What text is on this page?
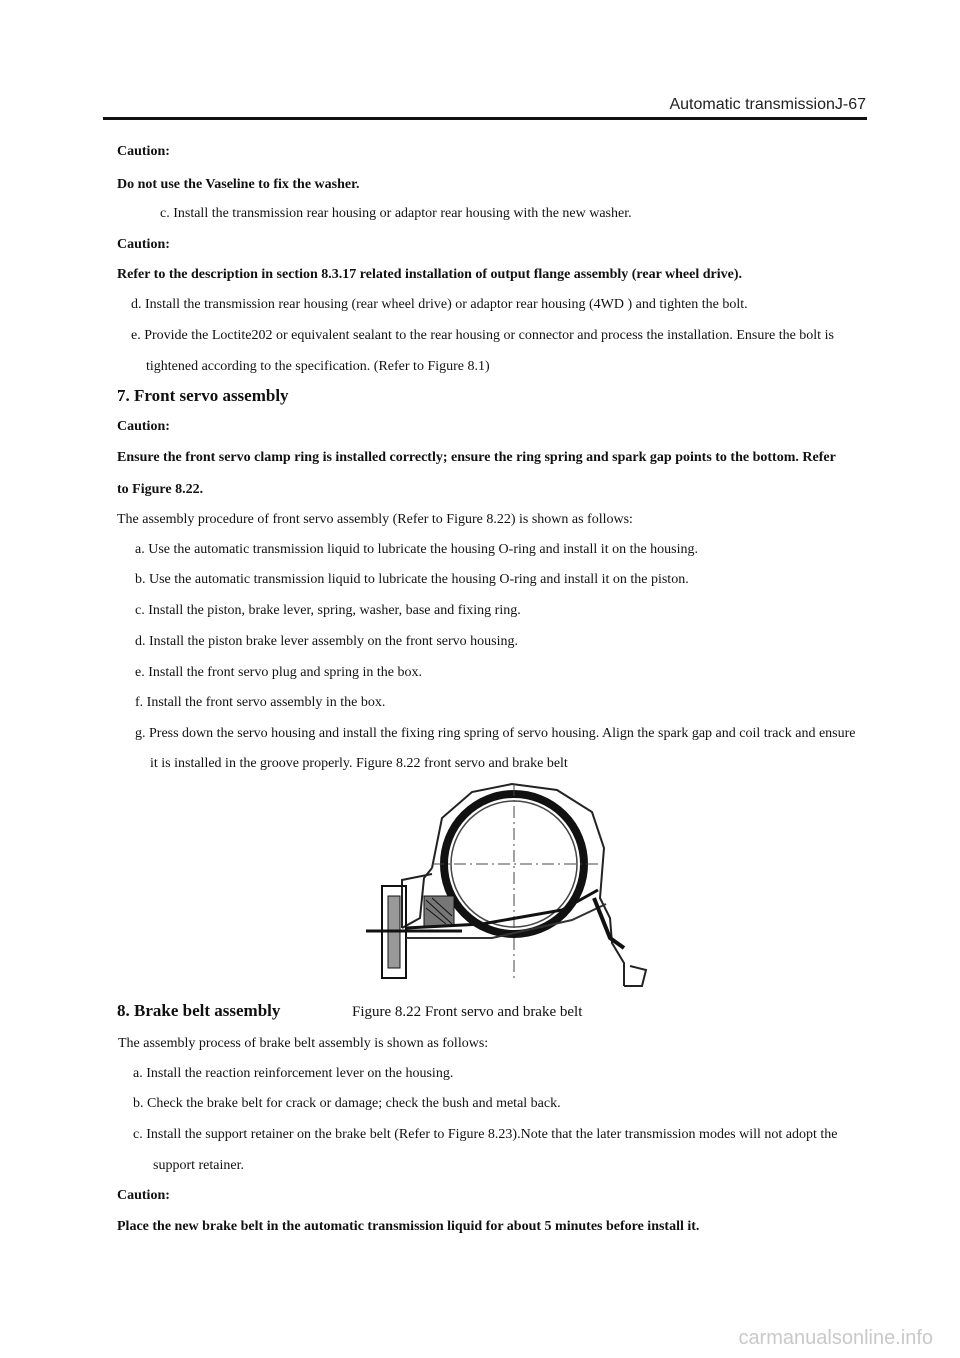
Automatic transmissionJ-67
Caution:
Do not use the Vaseline to fix the washer.
c. Install the transmission rear housing or adaptor rear housing with the new washer.
Caution:
Refer to the description in section 8.3.17 related installation of output flange assembly (rear wheel drive).
d. Install the transmission rear housing (rear wheel drive) or adaptor rear housing (4WD ) and tighten the bolt.
e. Provide the Loctite202 or equivalent sealant to the rear housing or connector and process the installation. Ensure the bolt is
tightened according to the specification. (Refer to Figure 8.1)
7. Front servo assembly
Caution:
Ensure the front servo clamp ring is installed correctly; ensure the ring spring and spark gap points to the bottom. Refer
to Figure 8.22.
The assembly procedure of front servo assembly (Refer to Figure 8.22) is shown as follows:
a. Use the automatic transmission liquid to lubricate the housing O-ring and install it on the housing.
b. Use the automatic transmission liquid to lubricate the housing O-ring and install it on the piston.
c. Install the piston, brake lever, spring, washer, base and fixing ring.
d. Install the piston brake lever assembly on the front servo housing.
e. Install the front servo plug and spring in the box.
f. Install the front servo assembly in the box.
g. Press down the servo housing and install the fixing ring spring of servo housing. Align the spark gap and coil track and ensure
it is installed in the groove properly. Figure 8.22 front servo and brake belt
8. Brake belt assembly	Figure 8.22 Front servo and brake belt
The assembly process of brake belt assembly is shown as follows:
a. Install the reaction reinforcement lever on the housing.
b. Check the brake belt for crack or damage; check the bush and metal back.
c. Install the support retainer on the brake belt (Refer to Figure 8.23).Note that the later transmission modes will not adopt the
support retainer.
Caution:
Place the new brake belt in the automatic transmission liquid for about 5 minutes before install it.
carmanualsonline.info
